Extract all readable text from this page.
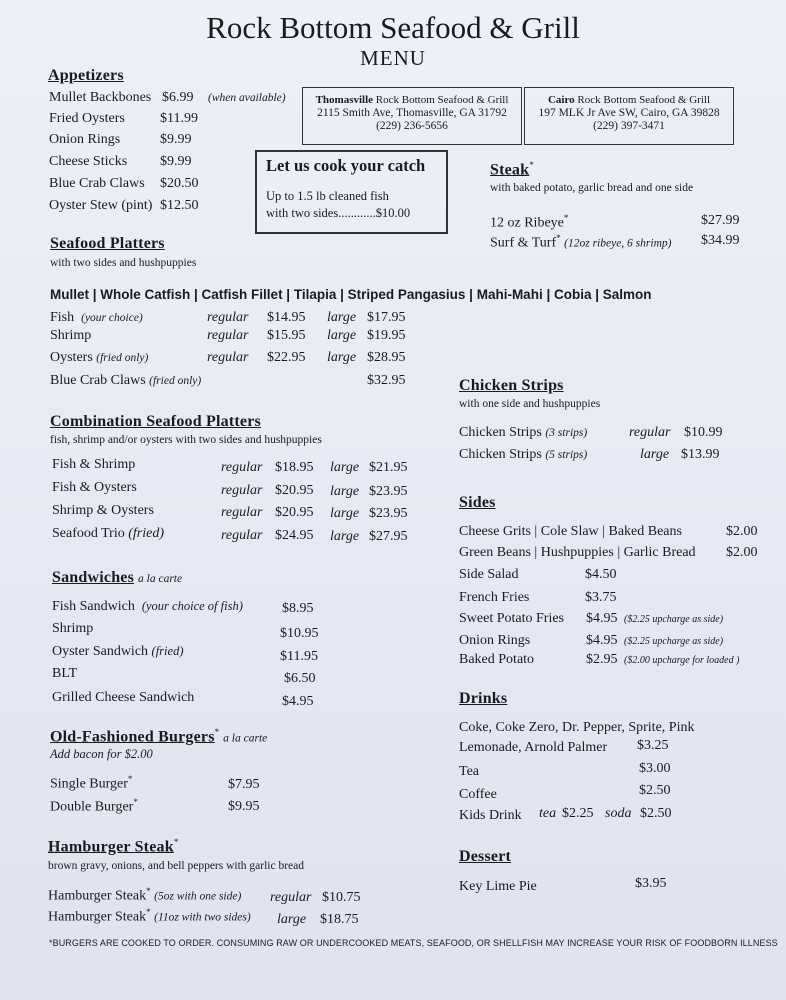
Rock Bottom Seafood & Grill
MENU
Appetizers
Mullet Backbones $6.99 (when available)
Fried Oysters	$11.99
Onion Rings	$9.99
Cheese Sticks $9.99
Blue Crab Claws $20.50
Oyster Stew (pint) $12.50
Thomasville Rock Bottom Seafood & Grill
2115 Smith Ave, Thomasville, GA 31792
(229) 236-5656
Cairo Rock Bottom Seafood & Grill
197 MLK Jr Ave SW, Cairo, GA 39828
(229) 397-3471
Let us cook your catch
Up to 1.5 lb cleaned fish
with two sides............$10.00
Steak*
with baked potato, garlic bread and one side
12 oz Ribeye*	$27.99
Surf & Turf* (12oz ribeye, 6 shrimp) $34.99
Seafood Platters
with two sides and hushpuppies
Mullet | Whole Catfish | Catfish Fillet | Tilapia | Striped Pangasius | Mahi-Mahi | Cobia | Salmon
Fish (your choice)	regular $14.95 large $17.95
Shrimp	regular $15.95 large $19.95
Oysters (fried only)	regular $22.95 large $28.95
Blue Crab Claws (fried only)	$32.95
Combination Seafood Platters
fish, shrimp and/or oysters with two sides and hushpuppies
Fish & Shrimp	regular $18.95 large $21.95
Fish & Oysters	regular $20.95 large $23.95
Shrimp & Oysters	regular $20.95 large $23.95
Seafood Trio (fried)	regular $24.95 large $27.95
Chicken Strips
with one side and hushpuppies
Chicken Strips (3 strips)	regular $10.99
Chicken Strips (5 strips)	large $13.99
Sides
Cheese Grits | Cole Slaw | Baked Beans	$2.00
Green Beans | Hushpuppies | Garlic Bread $2.00
Side Salad	$4.50
French Fries	$3.75
Sweet Potato Fries $4.95 ($2.25 upcharge as side)
Onion Rings	$4.95 ($2.25 upcharge as side)
Baked Potato	$2.95 ($2.00 upcharge for loaded )
Sandwiches a la carte
Fish Sandwich (your choice of fish)	$8.95
Shrimp	$10.95
Oyster Sandwich (fried)	$11.95
BLT	$6.50
Grilled Cheese Sandwich	$4.95
Old-Fashioned Burgers* a la carte
Add bacon for $2.00
Single Burger*	$7.95
Double Burger*	$9.95
Drinks
Coke, Coke Zero, Dr. Pepper, Sprite, Pink
Lemonade, Arnold Palmer $3.25
Tea	$3.00
Coffee	$2.50
Kids Drink tea $2.25 soda $2.50
Hamburger Steak*
brown gravy, onions, and bell peppers with garlic bread
Hamburger Steak* (5oz with one side) regular $10.75
Hamburger Steak* (11oz with two sides) large $18.75
Dessert
Key Lime Pie	$3.95
*BURGERS ARE COOKED TO ORDER. CONSUMING RAW OR UNDERCOOKED MEATS, SEAFOOD, OR SHELLFISH MAY INCREASE YOUR RISK OF FOODBORN ILLNESS
